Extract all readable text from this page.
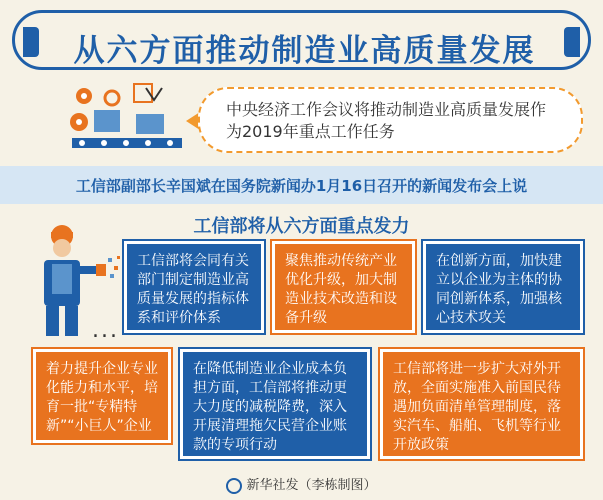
从六方面推动制造业高质量发展
中央经济工作会议将推动制造业高质量发展作为2019年重点工作任务
工信部副部长辛国斌在国务院新闻办1月16日召开的新闻发布会上说
工信部将从六方面重点发力
...
工信部将会同有关部门制定制造业高质量发展的指标体系和评价体系
聚焦推动传统产业优化升级，加大制造业技术改造和设备升级
在创新方面，加快建立以企业为主体的协同创新体系，加强核心技术攻关
着力提升企业专业化能力和水平，培育一批“专精特新”“小巨人”企业
在降低制造业企业成本负担方面，工信部将推动更大力度的减税降费，深入开展清理拖欠民营企业账款的专项行动
工信部将进一步扩大对外开放，全面实施准入前国民待遇加负面清单管理制度，落实汽车、船舶、飞机等行业开放政策
新华社发（李栋制图）
